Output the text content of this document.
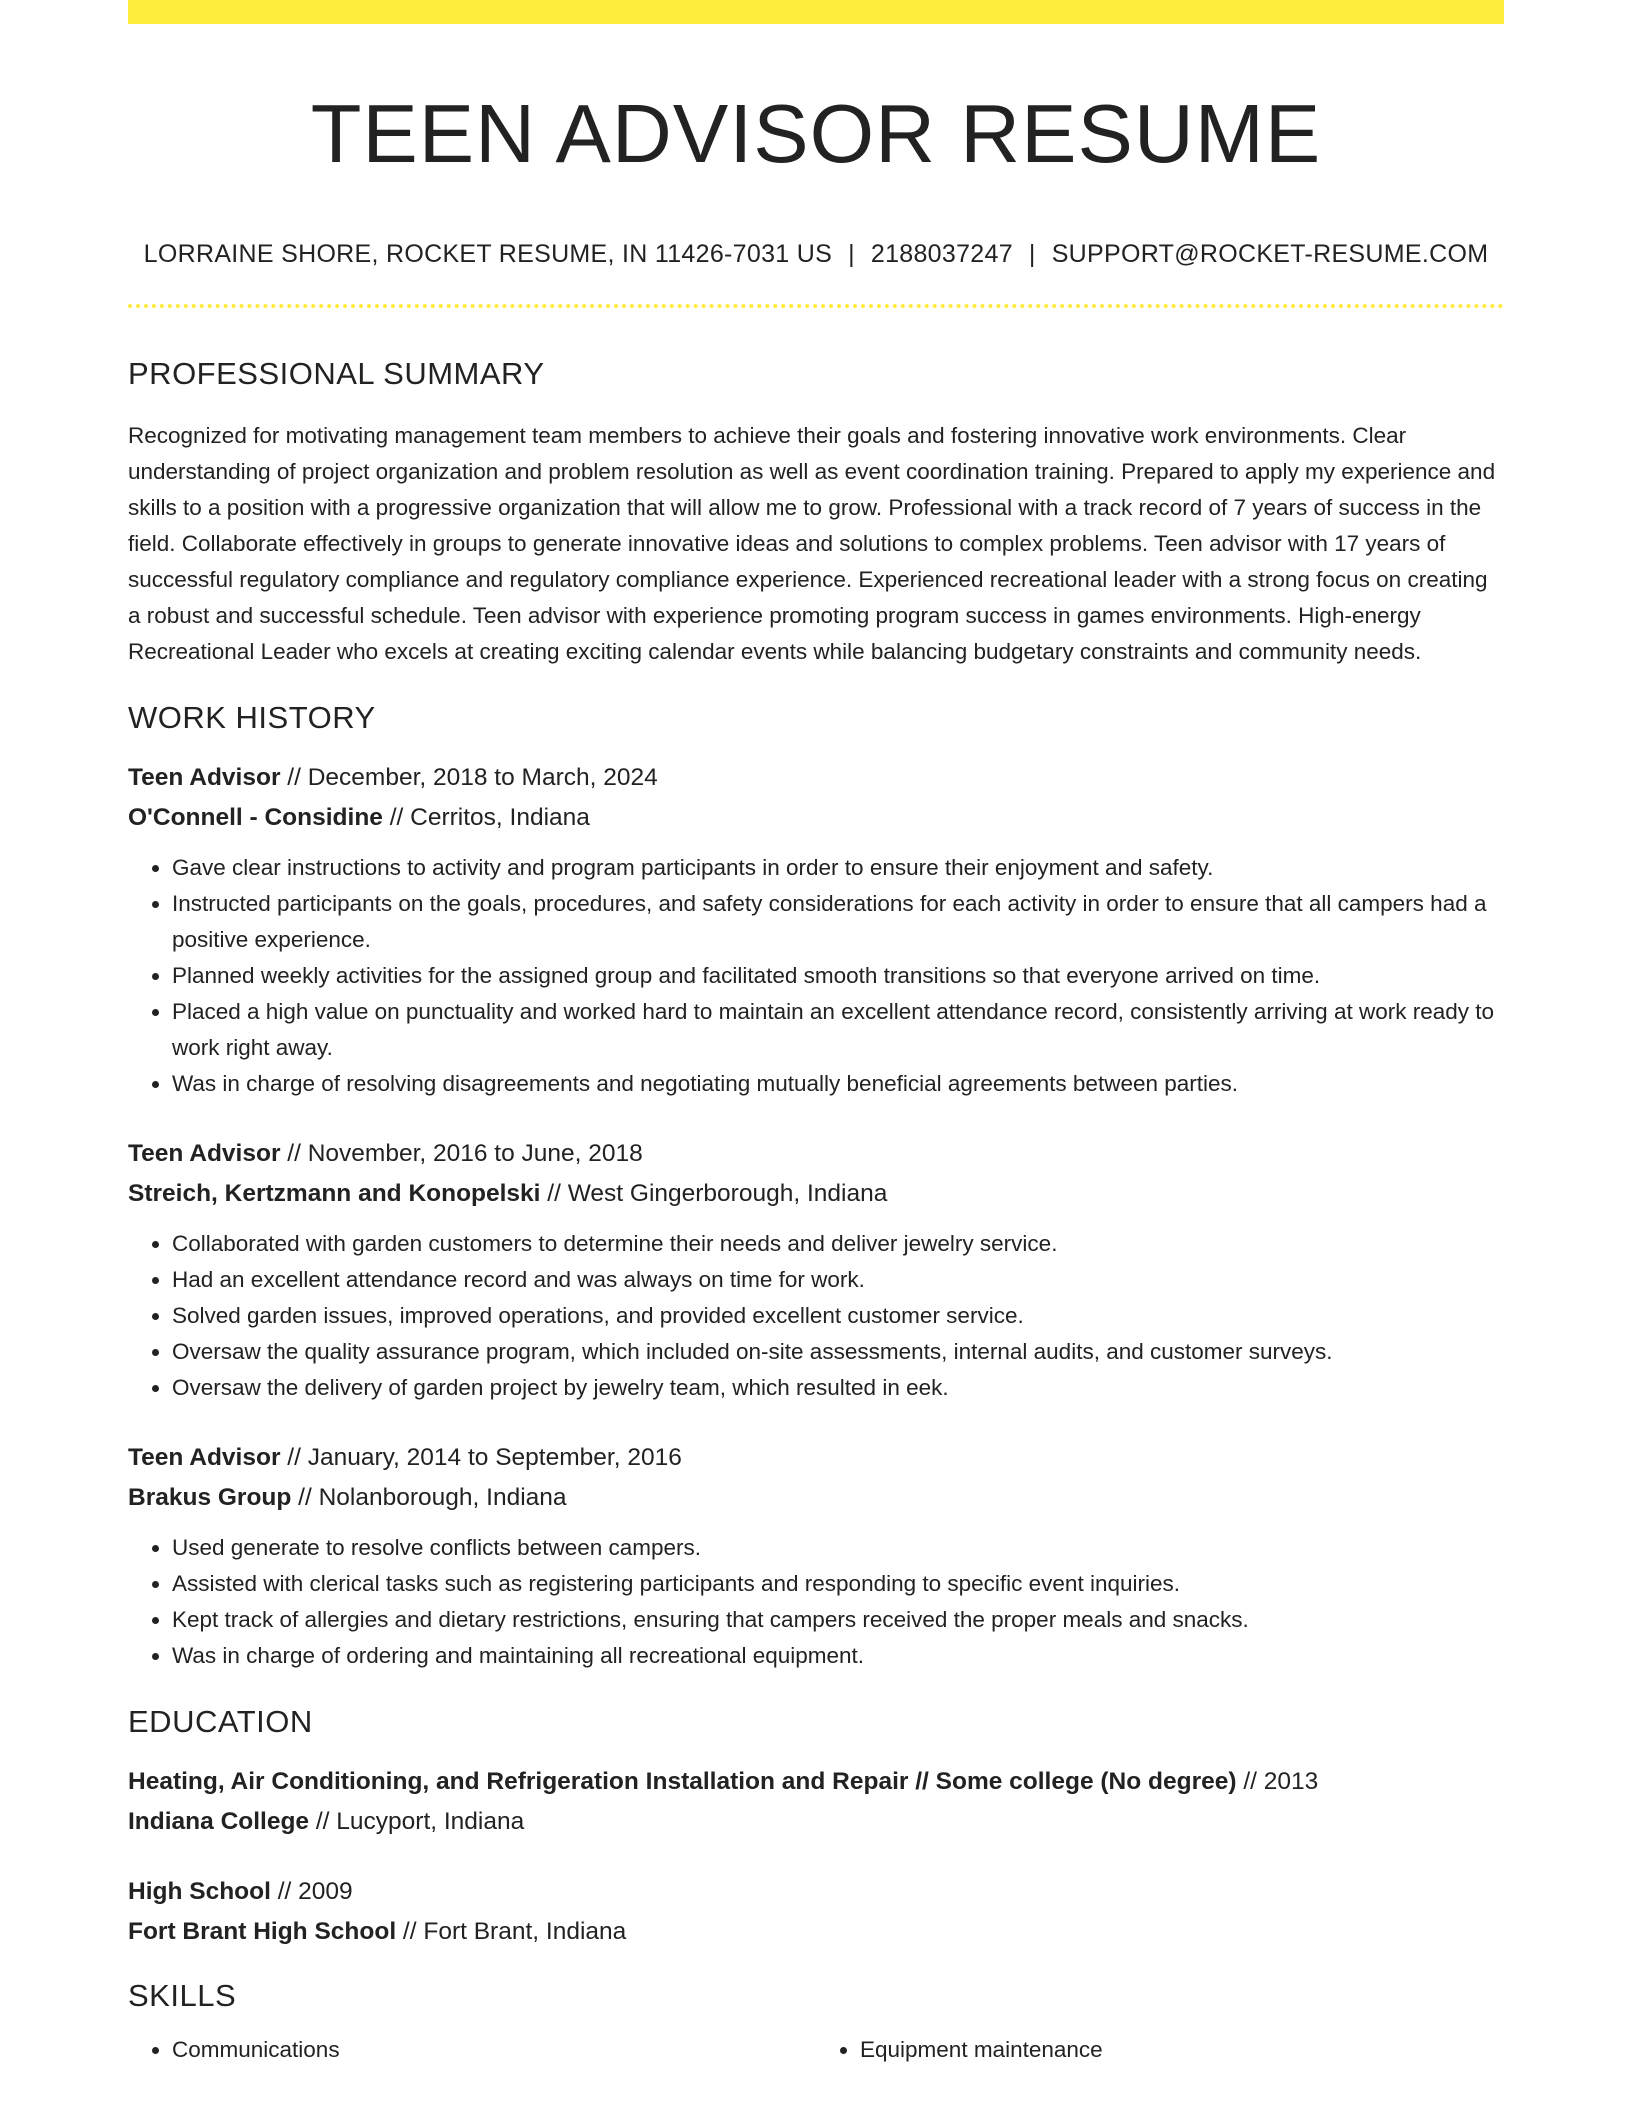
TEEN ADVISOR RESUME
LORRAINE SHORE, ROCKET RESUME, IN 11426-7031 US | 2188037247 | SUPPORT@ROCKET-RESUME.COM
PROFESSIONAL SUMMARY

Recognized for motivating management team members to achieve their goals and fostering innovative work environments. Clear understanding of project organization and problem resolution as well as event coordination training. Prepared to apply my experience and skills to a position with a progressive organization that will allow me to grow. Professional with a track record of 7 years of success in the field. Collaborate effectively in groups to generate innovative ideas and solutions to complex problems. Teen advisor with 17 years of successful regulatory compliance and regulatory compliance experience. Experienced recreational leader with a strong focus on creating a robust and successful schedule. Teen advisor with experience promoting program success in games environments. High-energy Recreational Leader who excels at creating exciting calendar events while balancing budgetary constraints and community needs.

WORK HISTORY
Teen Advisor // December, 2018 to March, 2024
O'Connell - Considine // Cerritos, Indiana
• Gave clear instructions to activity and program participants in order to ensure their enjoyment and safety.
• Instructed participants on the goals, procedures, and safety considerations for each activity in order to ensure that all campers had a positive experience.
• Planned weekly activities for the assigned group and facilitated smooth transitions so that everyone arrived on time.
• Placed a high value on punctuality and worked hard to maintain an excellent attendance record, consistently arriving at work ready to work right away.
• Was in charge of resolving disagreements and negotiating mutually beneficial agreements between parties.
Teen Advisor // November, 2016 to June, 2018
Streich, Kertzmann and Konopelski // West Gingerborough, Indiana
• Collaborated with garden customers to determine their needs and deliver jewelry service.
• Had an excellent attendance record and was always on time for work.
• Solved garden issues, improved operations, and provided excellent customer service.
• Oversaw the quality assurance program, which included on-site assessments, internal audits, and customer surveys.
• Oversaw the delivery of garden project by jewelry team, which resulted in eek.
Teen Advisor // January, 2014 to September, 2016
Brakus Group // Nolanborough, Indiana
• Used generate to resolve conflicts between campers.
• Assisted with clerical tasks such as registering participants and responding to specific event inquiries.
• Kept track of allergies and dietary restrictions, ensuring that campers received the proper meals and snacks.
• Was in charge of ordering and maintaining all recreational equipment.
EDUCATION
Heating, Air Conditioning, and Refrigeration Installation and Repair // Some college (No degree) // 2013
Indiana College // Lucyport, Indiana
High School // 2009
Fort Brant High School // Fort Brant, Indiana
SKILLS
• Communications
•	Equipment maintenance
